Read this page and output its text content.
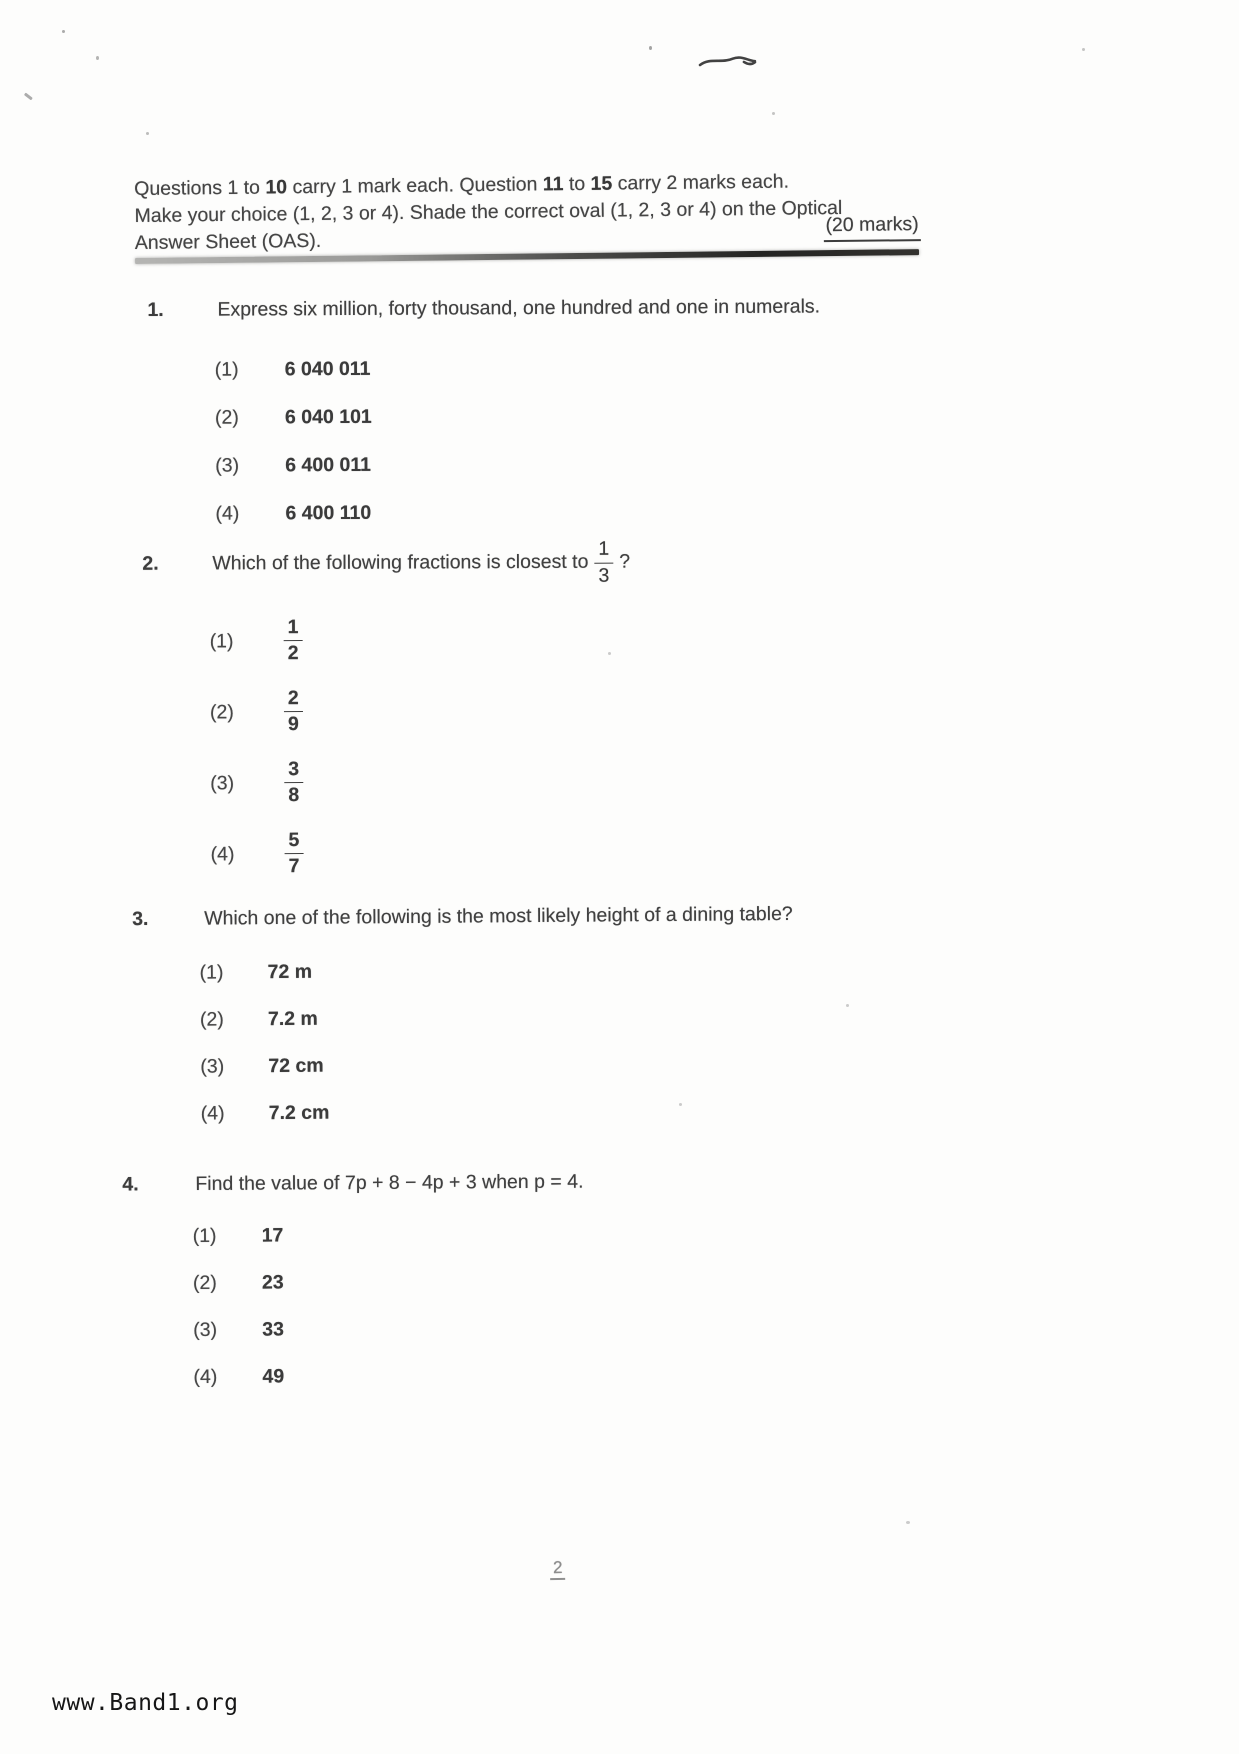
Questions 1 to 10 carry 1 mark each. Question 11 to 15 carry 2 marks each.
Make your choice (1, 2, 3 or 4). Shade the correct oval (1, 2, 3 or 4) on the Optical
Answer Sheet (OAS).
(20 marks)
1.	Express six million, forty thousand, one hundred and one in numerals.
(1)	6 040 011
(2)	6 040 101
(3)	6 400 011
(4)	6 400 110
2.	Which of the following fractions is closest to $\frac{1}{3}$ ?
(1)	$\frac{1}{2}$
(2)	$\frac{2}{9}$
(3)	$\frac{3}{8}$
(4)	$\frac{5}{7}$
3.	Which one of the following is the most likely height of a dining table?
(1)	72 m
(2)	7.2 m
(3)	72 cm
(4)	7.2 cm
4.	Find the value of 7p + 8 − 4p + 3 when p = 4.
(1)	17
(2)	23
(3)	33
(4)	49
2
www.Band1.org
